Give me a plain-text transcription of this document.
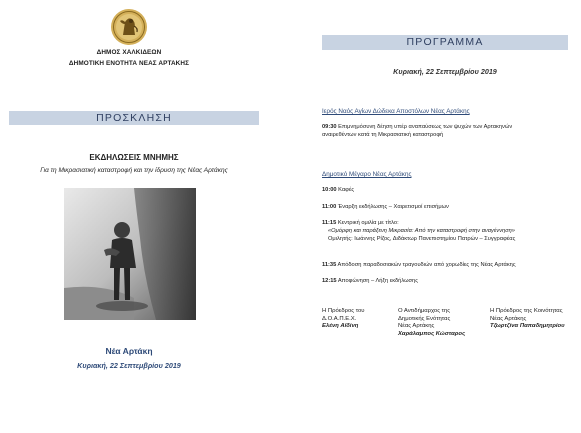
ΔΗΜΟΣ ΧΑΛΚΙΔΕΩΝ
ΔΗΜΟΤΙΚΗ ΕΝΟΤΗΤΑ ΝΕΑΣ ΑΡΤΑΚΗΣ
ΠΡΟΣΚΛΗΣΗ
ΕΚΔΗΛΩΣΕΙΣ ΜΝΗΜΗΣ
Για τη Μικρασιατική καταστροφή και την ίδρυση της Νέας Αρτάκης
Νέα Αρτάκη
Κυριακή, 22 Σεπτεμβρίου 2019
ΠΡΟΓΡΑΜΜΑ
Κυριακή, 22 Σεπτεμβρίου 2019
Ιερός Ναός Αγίων Δώδεκα Αποστόλων Νέας Αρτάκης
09:30 Επιμνημόσυνη δέηση υπέρ αναπαύσεως των ψυχών των Αρτακηνών
αναιρεθέντων κατά τη Μικρασιατική καταστροφή
Δημοτικό Μέγαρο Νέας Αρτάκης
10:00 Καφές
11:00 Έναρξη εκδήλωσης – Χαιρετισμοί επισήμων
11:15 Κεντρική ομιλία με τίτλο:
«Ομόρφη και παράξενη Μικρασία: Από την καταστροφή στην αναγέννηση»
Ομιλητής: Ιωάννης Ρίζος, Διδάκτωρ Πανεπιστημίου Πατρών – Συγγραφέας
11:35 Απόδοση παραδοσιακών τραγουδιών από χορωδίες της Νέας Αρτάκης
12:15 Αποφώνηση – Λήξη εκδήλωσης
Η Πρόεδρος του
Δ.Ο.Α.Π.Ε.Χ.
Ελένη Αϊδίνη
Ο Αντιδήμαρχος της
Δημοτικής Ενότητας
Νέας Αρτάκης
Χαράλαμπος Κώσταρος
Η Πρόεδρος της Κοινότητας
Νέας Αρτάκης
Τζωρτζίνα Παπαδημητρίου
